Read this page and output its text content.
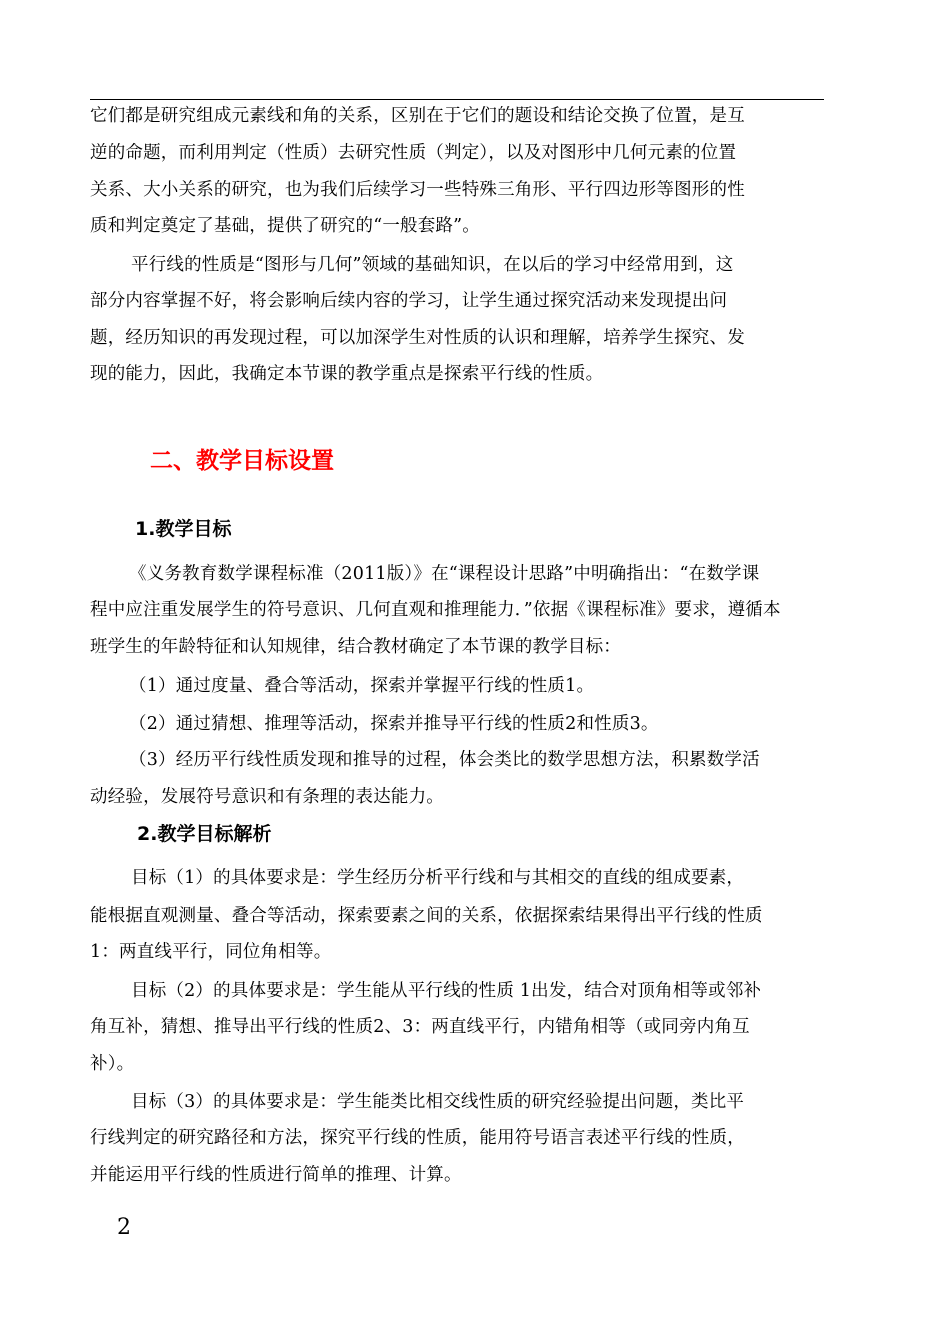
它们都是研究组成元素线和角的关系，区别在于它们的题设和结论交换了位置，是互
逆的命题，而利用判定（性质）去研究性质（判定），以及对图形中几何元素的位置
关系、大小关系的研究，也为我们后续学习一些特殊三角形、平行四边形等图形的性
质和判定奠定了基础，提供了研究的“一般套路”。
平行线的性质是“图形与几何”领域的基础知识，在以后的学习中经常用到，这
部分内容掌握不好，将会影响后续内容的学习，让学生通过探究活动来发现提出问
题，经历知识的再发现过程，可以加深学生对性质的认识和理解，培养学生探究、发
现的能力，因此，我确定本节课的教学重点是探索平行线的性质。
二、教学目标设置
1.教学目标
《义务教育数学课程标准（2011版）》在“课程设计思路”中明确指出：“在数学课
程中应注重发展学生的符号意识、几何直观和推理能力．”依据《课程标准》要求，遵循本
班学生的年龄特征和认知规律，结合教材确定了本节课的教学目标：
（1）通过度量、叠合等活动，探索并掌握平行线的性质1。
（2）通过猜想、推理等活动，探索并推导平行线的性质2和性质3。
（3）经历平行线性质发现和推导的过程，体会类比的数学思想方法，积累数学活
动经验，发展符号意识和有条理的表达能力。
2.教学目标解析
目标（1）的具体要求是：学生经历分析平行线和与其相交的直线的组成要素，
能根据直观测量、叠合等活动，探索要素之间的关系，依据探索结果得出平行线的性质
1：两直线平行，同位角相等。
目标（2）的具体要求是：学生能从平行线的性质 1出发，结合对顶角相等或邻补
角互补，猜想、推导出平行线的性质2、3：两直线平行，内错角相等（或同旁内角互
补）。
目标（3）的具体要求是：学生能类比相交线性质的研究经验提出问题，类比平
行线判定的研究路径和方法，探究平行线的性质，能用符号语言表述平行线的性质，
并能运用平行线的性质进行简单的推理、计算。
2
